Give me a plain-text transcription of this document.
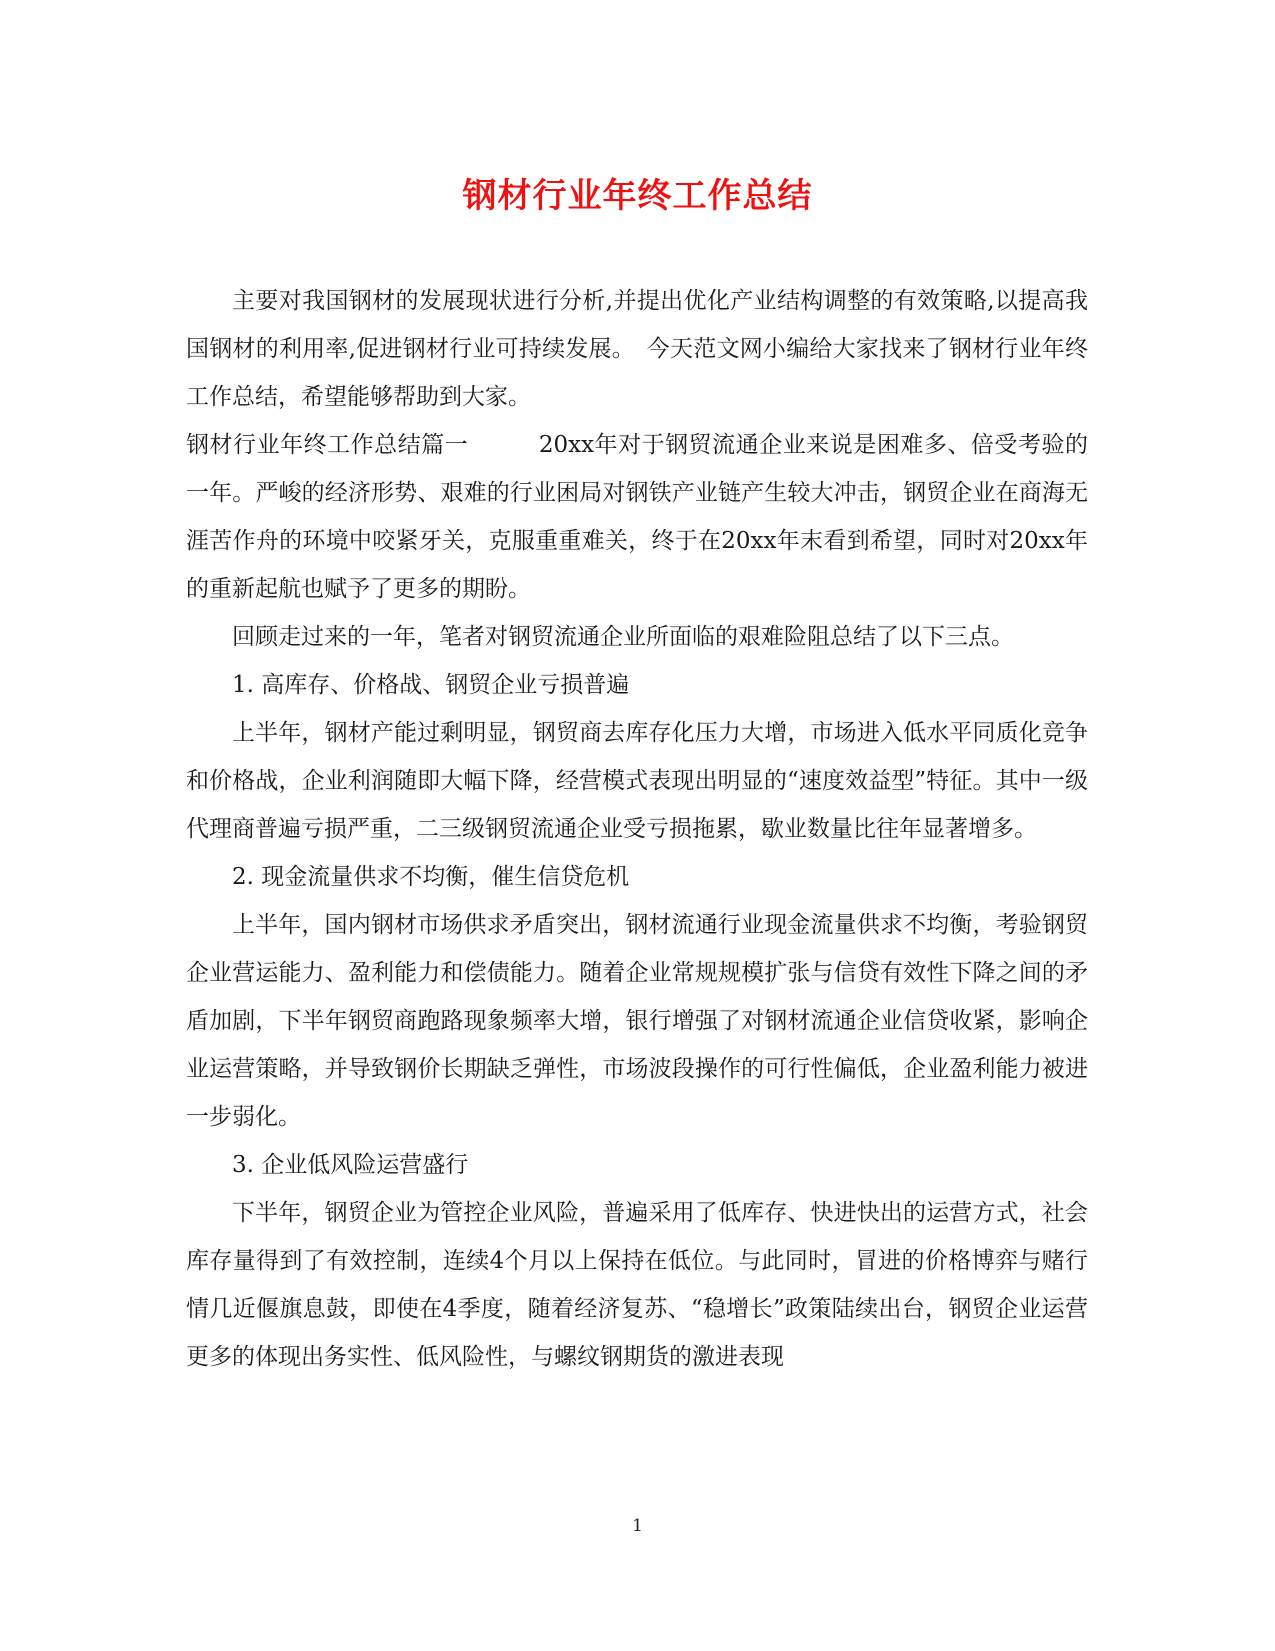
钢材行业年终工作总结

主要对我国钢材的发展现状进行分析,并提出优化产业结构调整的有效策略,以提高我国钢材的利用率,促进钢材行业可持续发展。　今天范文网小编给大家找来了钢材行业年终工作总结，希望能够帮助到大家。

钢材行业年终工作总结篇一　　　20xx年对于钢贸流通企业来说是困难多、倍受考验的一年。严峻的经济形势、艰难的行业困局对钢铁产业链产生较大冲击，钢贸企业在商海无涯苦作舟的环境中咬紧牙关，克服重重难关，终于在20xx年末看到希望，同时对20xx年的重新起航也赋予了更多的期盼。

回顾走过来的一年，笔者对钢贸流通企业所面临的艰难险阻总结了以下三点。

1. 高库存、价格战、钢贸企业亏损普遍

上半年，钢材产能过剩明显，钢贸商去库存化压力大增，市场进入低水平同质化竞争和价格战，企业利润随即大幅下降，经营模式表现出明显的“速度效益型”特征。其中一级代理商普遍亏损严重，二三级钢贸流通企业受亏损拖累，歇业数量比往年显著增多。

2. 现金流量供求不均衡，催生信贷危机

上半年，国内钢材市场供求矛盾突出，钢材流通行业现金流量供求不均衡，考验钢贸企业营运能力、盈利能力和偿债能力。随着企业常规规模扩张与信贷有效性下降之间的矛盾加剧，下半年钢贸商跑路现象频率大增，银行增强了对钢材流通企业信贷收紧，影响企业运营策略，并导致钢价长期缺乏弹性，市场波段操作的可行性偏低，企业盈利能力被进一步弱化。

3. 企业低风险运营盛行

下半年，钢贸企业为管控企业风险，普遍采用了低库存、快进快出的运营方式，社会库存量得到了有效控制，连续4个月以上保持在低位。与此同时，冒进的价格博弈与赌行情几近偃旗息鼓，即使在4季度，随着经济复苏、“稳增长”政策陆续出台，钢贸企业运营更多的体现出务实性、低风险性，与螺纹钢期货的激进表现

1
